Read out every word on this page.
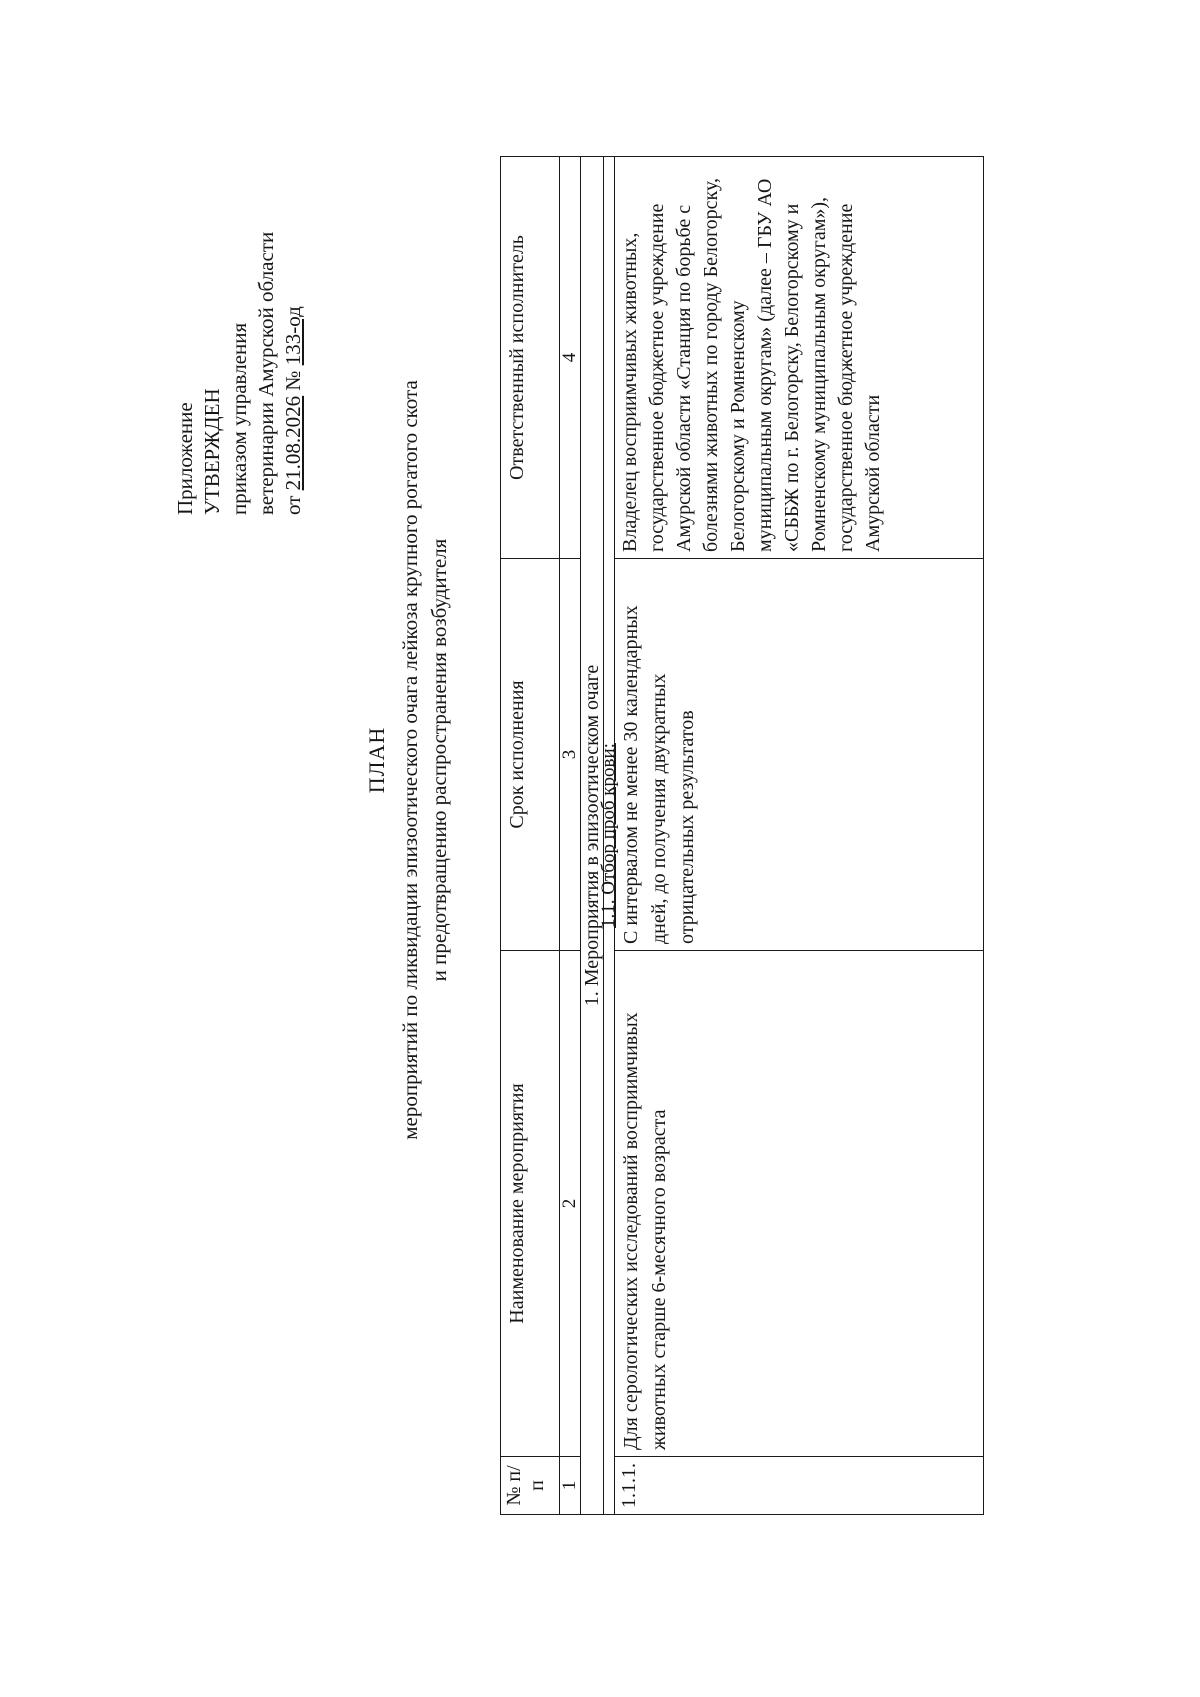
Приложение УТВЕРЖДЕН приказом управления ветеринарии Амурской области от 21.08.2026 № 133-од
ПЛАН мероприятий по ликвидации эпизоотического очага лейкоза крупного рогатого скота и предотвращению распространения возбудителя
№ п/п	Наименование мероприятия	Срок исполнения	Ответственный исполнитель
1	2	3	4
1. Мероприятия в эпизоотическом очаге			
1.1. Отбор проб крови:			
1.1.1.	Для серологических исследований восприимчивых животных старше 6-месячного возраста	С интервалом не менее 30 календарных дней, до получения двукратных отрицательных результатов	Владелец восприимчивых животных, государственное бюджетное учреждение Амурской области «Станция по борьбе с болезнями животных по городу Белогорску, Белогорскому и Ромненскому муниципальным округам» (далее – ГБУ АО «СББЖ по г. Белогорску, Белогорскому и Ромненскому муниципальным округам»), государственное бюджетное учреждение Амурской области
